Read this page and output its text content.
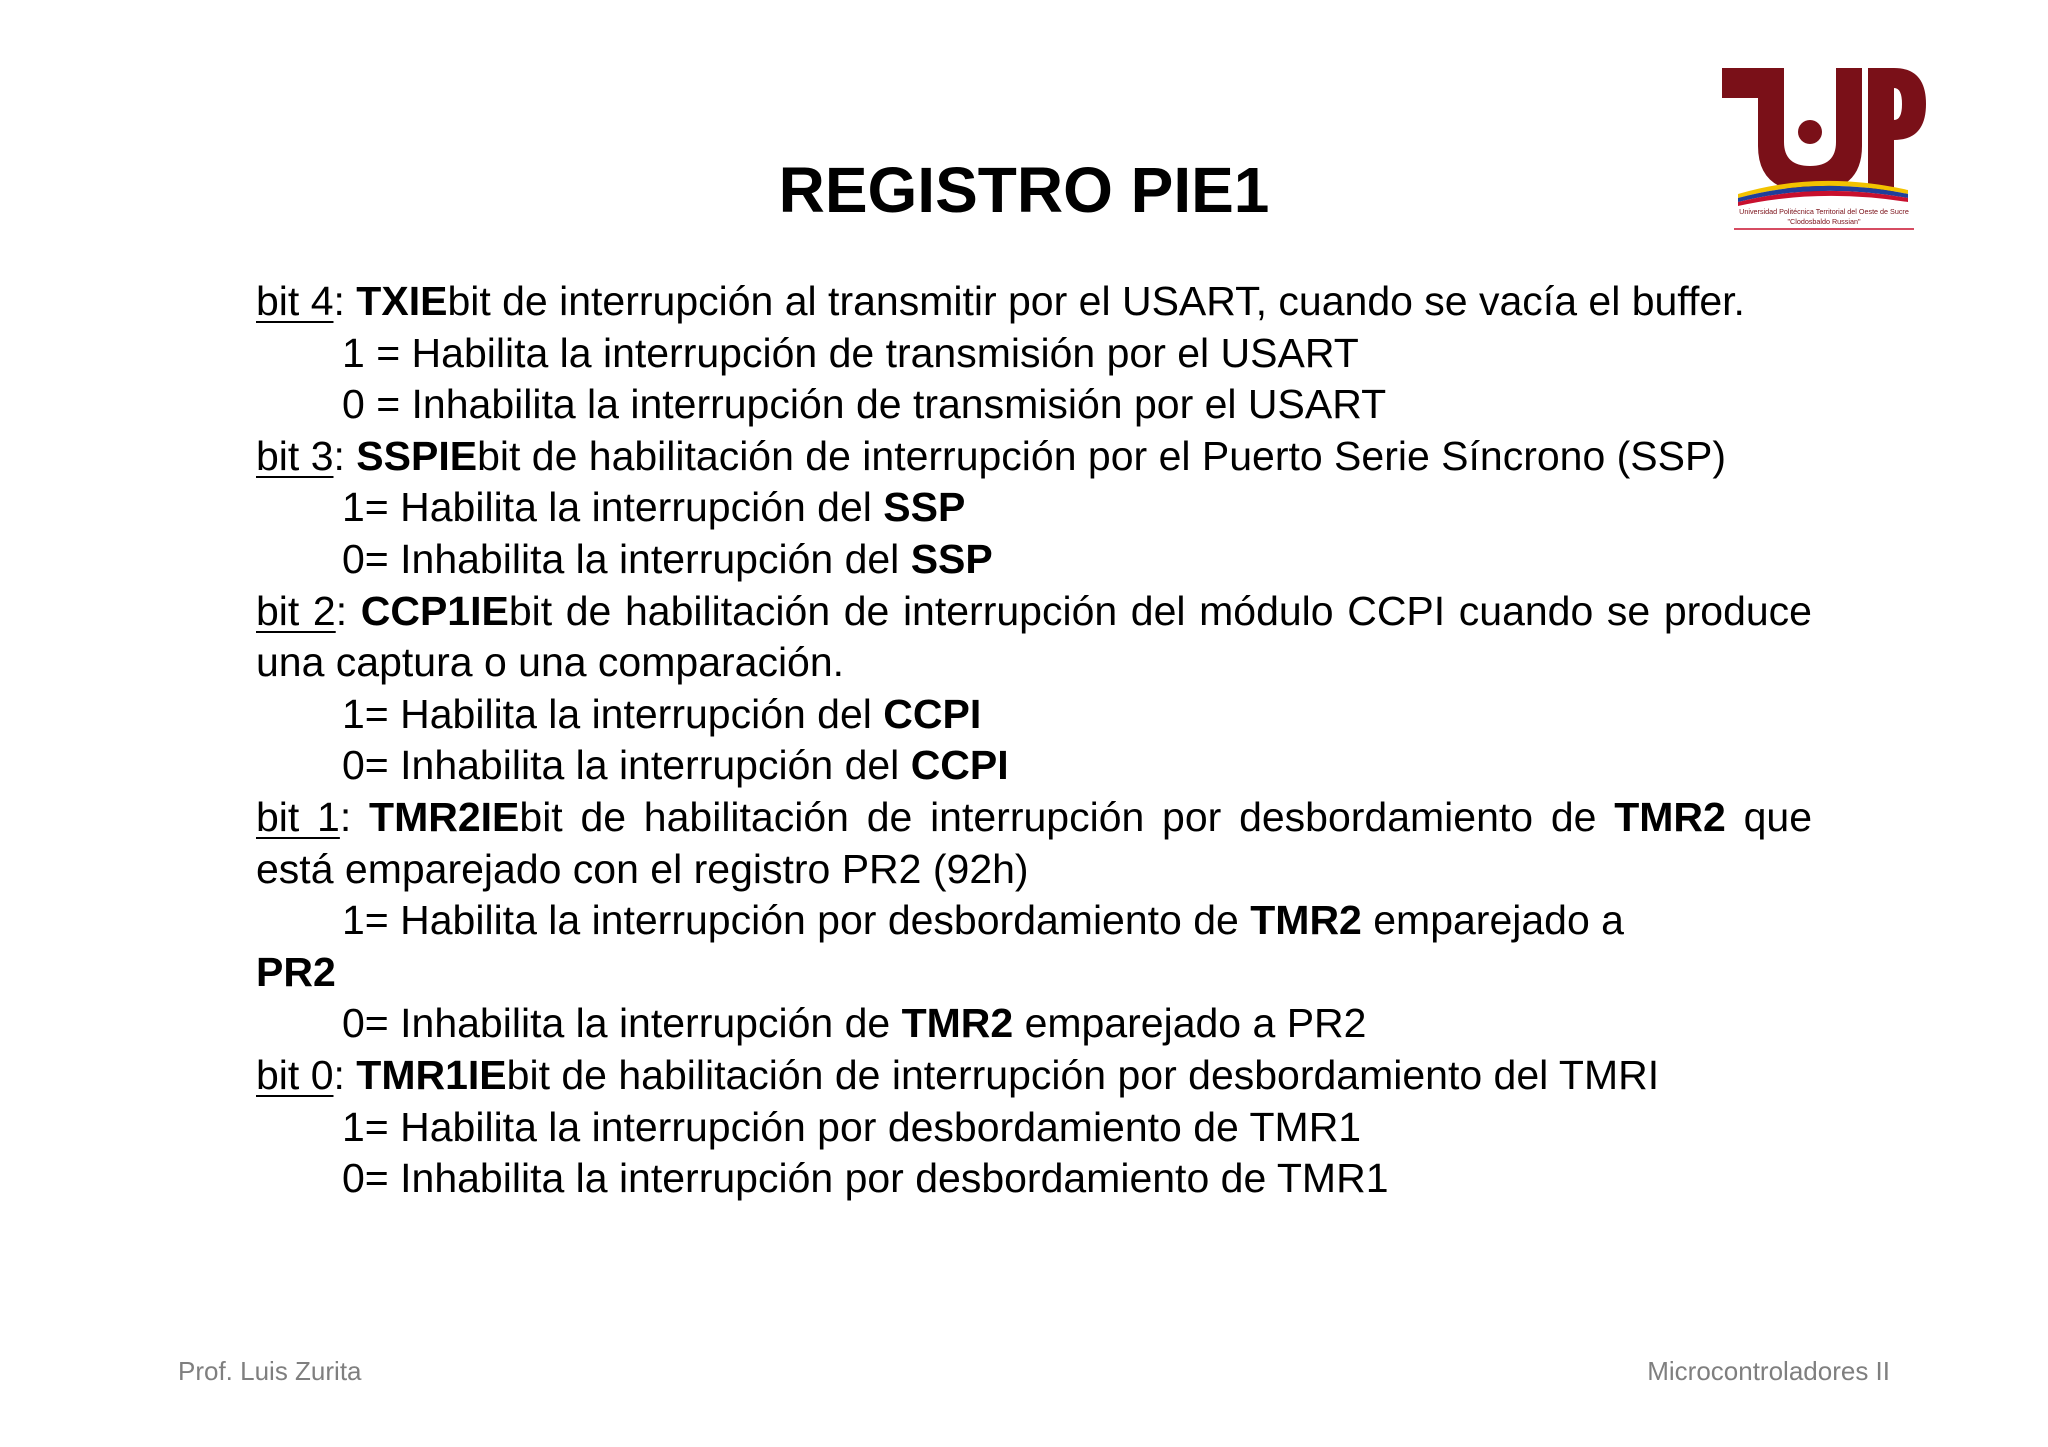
REGISTRO PIE1	Universidad Politécnica Territorial del Oeste de Sucre
"Clodosbaldo Russian"

bit 4: TXIEbit de interrupción al transmitir por el USART, cuando se vacía el buffer.

1 = Habilita la interrupción de transmisión por el USART

0 = Inhabilita la interrupción de transmisión por el USART

bit 3: SSPIEbit de habilitación de interrupción por el Puerto Serie Síncrono (SSP)

1= Habilita la interrupción del SSP

0= Inhabilita la interrupción del SSP

bit 2: CCP1IEbit de habilitación de interrupción del módulo CCPI cuando se produce una captura o una comparación.

1= Habilita la interrupción del CCPI

0= Inhabilita la interrupción del CCPI

bit 1: TMR2IEbit de habilitación de interrupción por desbordamiento de TMR2 que está emparejado con el registro PR2 (92h)

1= Habilita la interrupción por desbordamiento de TMR2 emparejado a

PR2

0= Inhabilita la interrupción de TMR2 emparejado a PR2

bit 0: TMR1IEbit de habilitación de interrupción por desbordamiento del TMRI

1= Habilita la interrupción por desbordamiento de TMR1

0= Inhabilita la interrupción por desbordamiento de TMR1

Prof. Luis Zurita	Microcontroladores II
